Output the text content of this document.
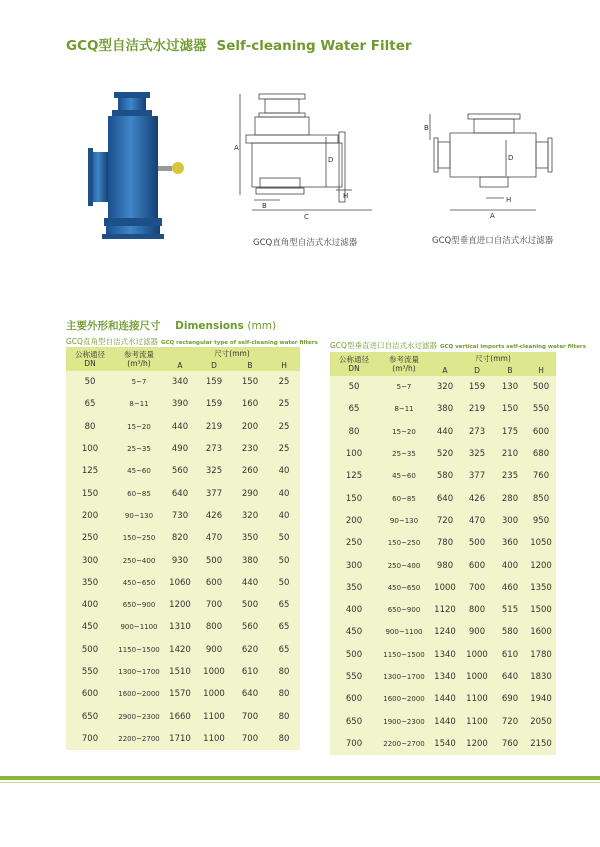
GCQ型自洁式水过滤器 Self-cleaning Water Filter
A
D
B
C
H
GCQ直角型自洁式水过滤器
B
D
A
H
GCQ型垂直进口自洁式水过滤器
主要外形和连接尺寸 Dimensions (mm)
GCQ直角型自洁式水过滤器 GCQ rectangular type of self-cleaning water filters
公称通径
DN	参考流量
(m³/h)	尺寸(mm)			
		A	D	B	H
50	5~7	340	159	150	25
65	8~11	390	159	160	25
80	15~20	440	219	200	25
100	25~35	490	273	230	25
125	45~60	560	325	260	40
150	60~85	640	377	290	40
200	90~130	730	426	320	40
250	150~250	820	470	350	50
300	250~400	930	500	380	50
350	450~650	1060	600	440	50
400	650~900	1200	700	500	65
450	900~1100	1310	800	560	65
500	1150~1500	1420	900	620	65
550	1300~1700	1510	1000	610	80
600	1600~2000	1570	1000	640	80
650	2900~2300	1660	1100	700	80
700	2200~2700	1710	1100	700	80
GCQ型垂直进口自洁式水过滤器 GCQ vertical imports self-cleaning water filters
公称通径
DN	参考流量
(m³/h)	尺寸(mm)			
		A	D	B	H
50	5~7	320	159	130	500
65	8~11	380	219	150	550
80	15~20	440	273	175	600
100	25~35	520	325	210	680
125	45~60	580	377	235	760
150	60~85	640	426	280	850
200	90~130	720	470	300	950
250	150~250	780	500	360	1050
300	250~400	980	600	400	1200
350	450~650	1000	700	460	1350
400	650~900	1120	800	515	1500
450	900~1100	1240	900	580	1600
500	1150~1500	1340	1000	610	1780
550	1300~1700	1340	1000	640	1830
600	1600~2000	1440	1100	690	1940
650	1900~2300	1440	1100	720	2050
700	2200~2700	1540	1200	760	2150
